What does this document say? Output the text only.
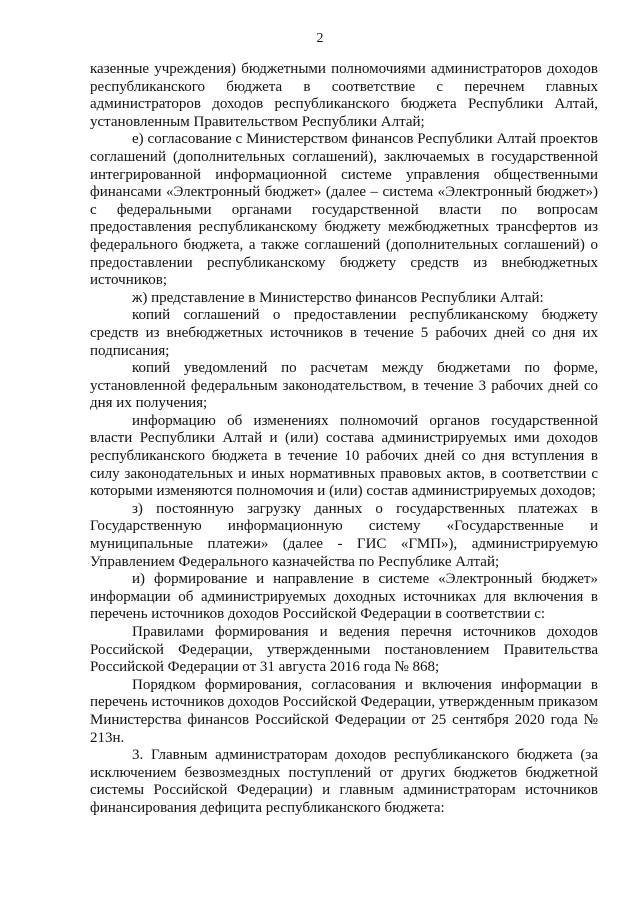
2

казенные учреждения) бюджетными полномочиями администраторов доходов республиканского бюджета в соответствие с перечнем главных администраторов доходов республиканского бюджета Республики Алтай, установленным Правительством Республики Алтай;

е) согласование с Министерством финансов Республики Алтай проектов соглашений (дополнительных соглашений), заключаемых в государственной интегрированной информационной системе управления общественными финансами «Электронный бюджет» (далее – система «Электронный бюджет») с федеральными органами государственной власти по вопросам предоставления республиканскому бюджету межбюджетных трансфертов из федерального бюджета, а также соглашений (дополнительных соглашений) о предоставлении республиканскому бюджету средств из внебюджетных источников;

ж) представление в Министерство финансов Республики Алтай:

копий соглашений о предоставлении республиканскому бюджету средств из внебюджетных источников в течение 5 рабочих дней со дня их подписания;

копий уведомлений по расчетам между бюджетами по форме, установленной федеральным законодательством, в течение 3 рабочих дней со дня их получения;

информацию об изменениях полномочий органов государственной власти Республики Алтай и (или) состава администрируемых ими доходов республиканского бюджета в течение 10 рабочих дней со дня вступления в силу законодательных и иных нормативных правовых актов, в соответствии с которыми изменяются полномочия и (или) состав администрируемых доходов;

з) постоянную загрузку данных о государственных платежах в Государственную информационную систему «Государственные и муниципальные платежи» (далее - ГИС «ГМП»), администрируемую Управлением Федерального казначейства по Республике Алтай;

и) формирование и направление в системе «Электронный бюджет» информации об администрируемых доходных источниках для включения в перечень источников доходов Российской Федерации в соответствии с:

Правилами формирования и ведения перечня источников доходов Российской Федерации, утвержденными постановлением Правительства Российской Федерации от 31 августа 2016 года № 868;

Порядком формирования, согласования и включения информации в перечень источников доходов Российской Федерации, утвержденным приказом Министерства финансов Российской Федерации от 25 сентября 2020 года № 213н.

3. Главным администраторам доходов республиканского бюджета (за исключением безвозмездных поступлений от других бюджетов бюджетной системы Российской Федерации) и главным администраторам источников финансирования дефицита республиканского бюджета:
